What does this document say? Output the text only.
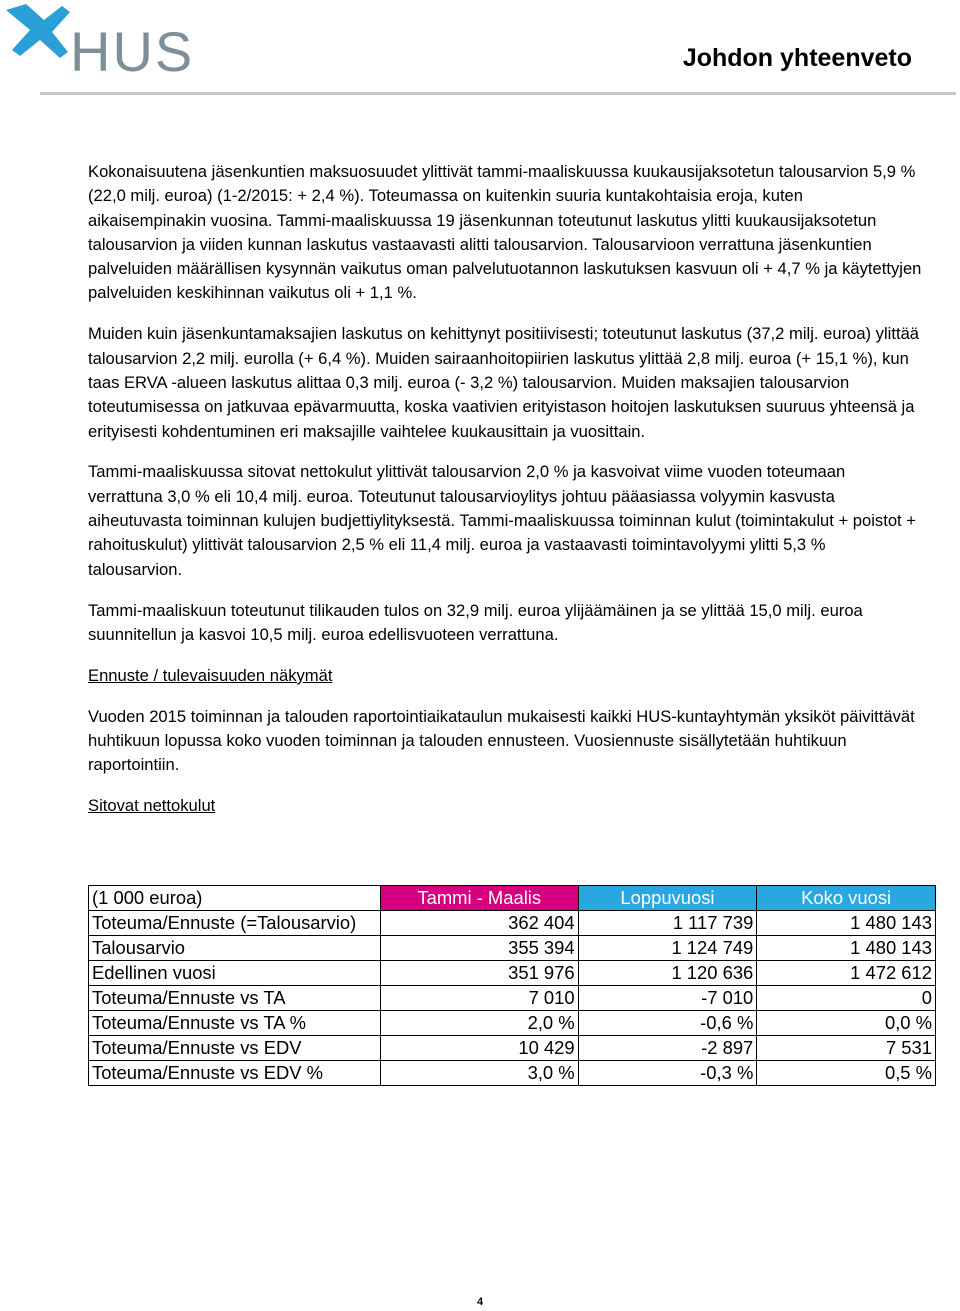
HUS	Johdon yhteenveto

Kokonaisuutena jäsenkuntien maksuosuudet ylittivät tammi-maaliskuussa kuukausijaksotetun talousarvion 5,9 % (22,0 milj. euroa) (1-2/2015: + 2,4 %). Toteumassa on kuitenkin suuria kuntakohtaisia eroja, kuten aikaisempinakin vuosina. Tammi-maaliskuussa 19 jäsenkunnan toteutunut laskutus ylitti kuukausijaksotetun talousarvion ja viiden kunnan laskutus vastaavasti alitti talousarvion. Talousarvioon verrattuna jäsenkuntien palveluiden määrällisen kysynnän vaikutus oman palvelutuotannon laskutuksen kasvuun oli + 4,7 % ja käytettyjen palveluiden keskihinnan vaikutus oli + 1,1 %.

Muiden kuin jäsenkuntamaksajien laskutus on kehittynyt positiivisesti; toteutunut laskutus (37,2 milj. euroa) ylittää talousarvion 2,2 milj. eurolla (+ 6,4 %). Muiden sairaanhoitopiirien laskutus ylittää 2,8 milj. euroa (+ 15,1 %), kun taas ERVA -alueen laskutus alittaa 0,3 milj. euroa (- 3,2 %) talousarvion. Muiden maksajien talousarvion toteutumisessa on jatkuvaa epävarmuutta, koska vaativien erityistason hoitojen laskutuksen suuruus yhteensä ja erityisesti kohdentuminen eri maksajille vaihtelee kuukausittain ja vuosittain.

Tammi-maaliskuussa sitovat nettokulut ylittivät talousarvion 2,0 % ja kasvoivat viime vuoden toteumaan verrattuna 3,0 % eli 10,4 milj. euroa. Toteutunut talousarvioylitys johtuu pääasiassa volyymin kasvusta aiheutuvasta toiminnan kulujen budjettiylityksestä. Tammi-maaliskuussa toiminnan kulut (toimintakulut + poistot + rahoituskulut) ylittivät talousarvion 2,5 % eli 11,4 milj. euroa ja vastaavasti toimintavolyymi ylitti 5,3 % talousarvion.

Tammi-maaliskuun toteutunut tilikauden tulos on 32,9 milj. euroa ylijäämäinen ja se ylittää 15,0 milj. euroa suunnitellun ja kasvoi 10,5 milj. euroa edellisvuoteen verrattuna.

Ennuste / tulevaisuuden näkymät

Vuoden 2015 toiminnan ja talouden raportointiaikataulun mukaisesti kaikki HUS-kuntayhtymän yksiköt päivittävät huhtikuun lopussa koko vuoden toiminnan ja talouden ennusteen. Vuosiennuste sisällytetään huhtikuun raportointiin.

Sitovat nettokulut
(1 000 euroa)	Tammi - Maalis	Loppuvuosi	Koko vuosi
Toteuma/Ennuste (=Talousarvio)	362 404	1 117 739	1 480 143
Talousarvio	355 394	1 124 749	1 480 143
Edellinen vuosi	351 976	1 120 636	1 472 612
Toteuma/Ennuste vs TA	7 010	-7 010	0
Toteuma/Ennuste vs TA %	2,0 %	-0,6 %	0,0 %
Toteuma/Ennuste vs EDV	10 429	-2 897	7 531
Toteuma/Ennuste vs EDV %	3,0 %	-0,3 %	0,5 %
4
